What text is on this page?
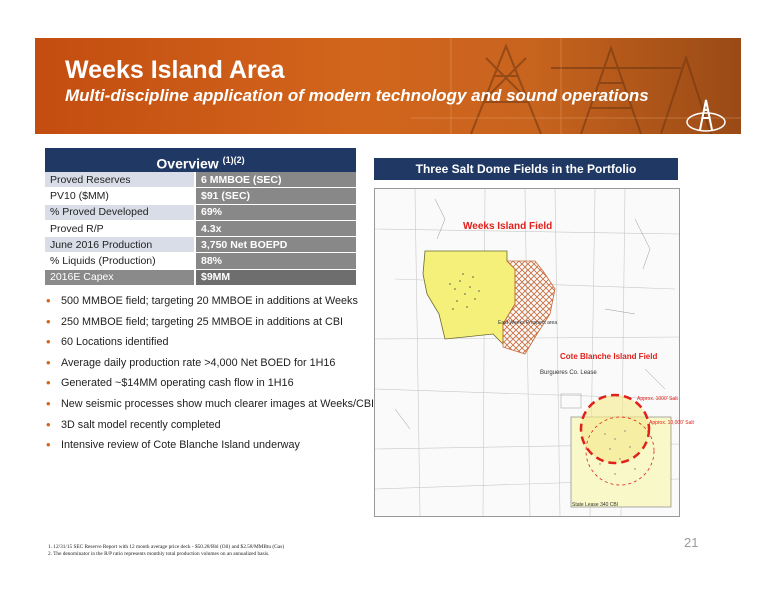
Weeks Island Area
Multi-discipline application of modern technology and sound operations
Overview $^{(1)(2)}$
Proved Reserves	6 MMBOE (SEC)
PV10 ($MM)	$91 (SEC)
% Proved Developed	69%
Proved R/P	4.3x
June 2016 Production	3,750 Net BOEPD
% Liquids (Production)	88%
2016E Capex	$9MM
• 500 MMBOE field; targeting 20 MMBOE in additions at Weeks
• 250 MMBOE field; targeting 25 MMBOE in additions at CBI
• 60 Locations identified
• Average daily production rate >4,000 Net BOED for 1H16
• Generated ~$14MM operating cash flow in 1H16
• New seismic processes show much clearer images at Weeks/CBI
• 3D salt model recently completed
• Intensive review of Cote Blanche Island underway
Three Salt Dome Fields in the Portfolio
Weeks Island Field
East Weeks Prospect area
Cote Blanche Island Field
Burgueres Co. Lease
Approx. 1000' Salt
Approx. 10,000' Salt
State Lease 340 CBI
21
1. 12/31/15 SEC Reserve Report with 12 month average price deck - $50.28/Bbl (Oil) and $2.58/MMBtu (Gas)
2. The denominator in the R/P ratio represents monthly total production volumes on an annualized basis.
